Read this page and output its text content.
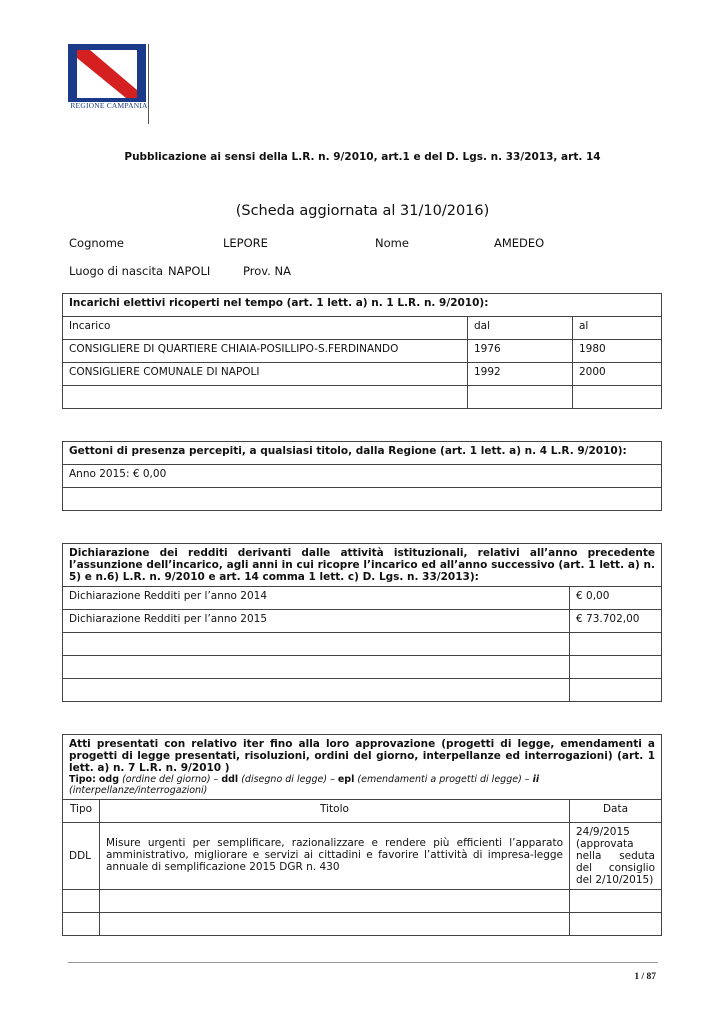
REGIONE CAMPANIA
Pubblicazione ai sensi della L.R. n. 9/2010, art.1 e del D. Lgs. n. 33/2013, art. 14
(Scheda aggiornata al 31/10/2016)
Cognome	LEPORE	Nome	AMEDEO
Luogo di nascita NAPOLI	Prov. NA
Incarichi elettivi ricoperti nel tempo (art. 1 lett. a) n. 1 L.R. n. 9/2010):		
Incarico	dal	al
CONSIGLIERE DI QUARTIERE CHIAIA-POSILLIPO-S.FERDINANDO	1976	1980
CONSIGLIERE COMUNALE DI NAPOLI	1992	2000

Gettoni di presenza percepiti, a qualsiasi titolo, dalla Regione (art. 1 lett. a) n. 4 L.R. 9/2010):
Anno 2015: € 0,00

Dichiarazione dei redditi derivanti dalle attività istituzionali, relativi all’anno precedente l’assunzione dell’incarico, agli anni in cui ricopre l’incarico ed all’anno successivo (art. 1 lett. a) n. 5) e n.6) L.R. n. 9/2010 e art. 14 comma 1 lett. c) D. Lgs. n. 33/2013):	
Dichiarazione Redditi per l’anno 2014	€ 0,00
Dichiarazione Redditi per l’anno 2015	€ 73.702,00

Atti presentati con relativo iter fino alla loro approvazione (progetti di legge, emendamenti a progetti di legge presentati, risoluzioni, ordini del giorno, interpellanze ed interrogazioni) (art. 1 lett. a) n. 7 L.R. n. 9/2010 )
Tipo: odg (ordine del giorno) – ddl (disegno di legge) – epl (emendamenti a progetti di legge) – ii (interpellanze/interrogazioni)		

Tipo	Titolo	Data
DDL	Misure urgenti per semplificare, razionalizzare e rendere più efficienti l’apparato amministrativo, migliorare e servizi ai cittadini e favorire l’attività di impresa-legge annuale di semplificazione 2015 DGR n. 430	24/9/2015 (approvata nella seduta del consiglio del 2/10/2015)

1 / 87
